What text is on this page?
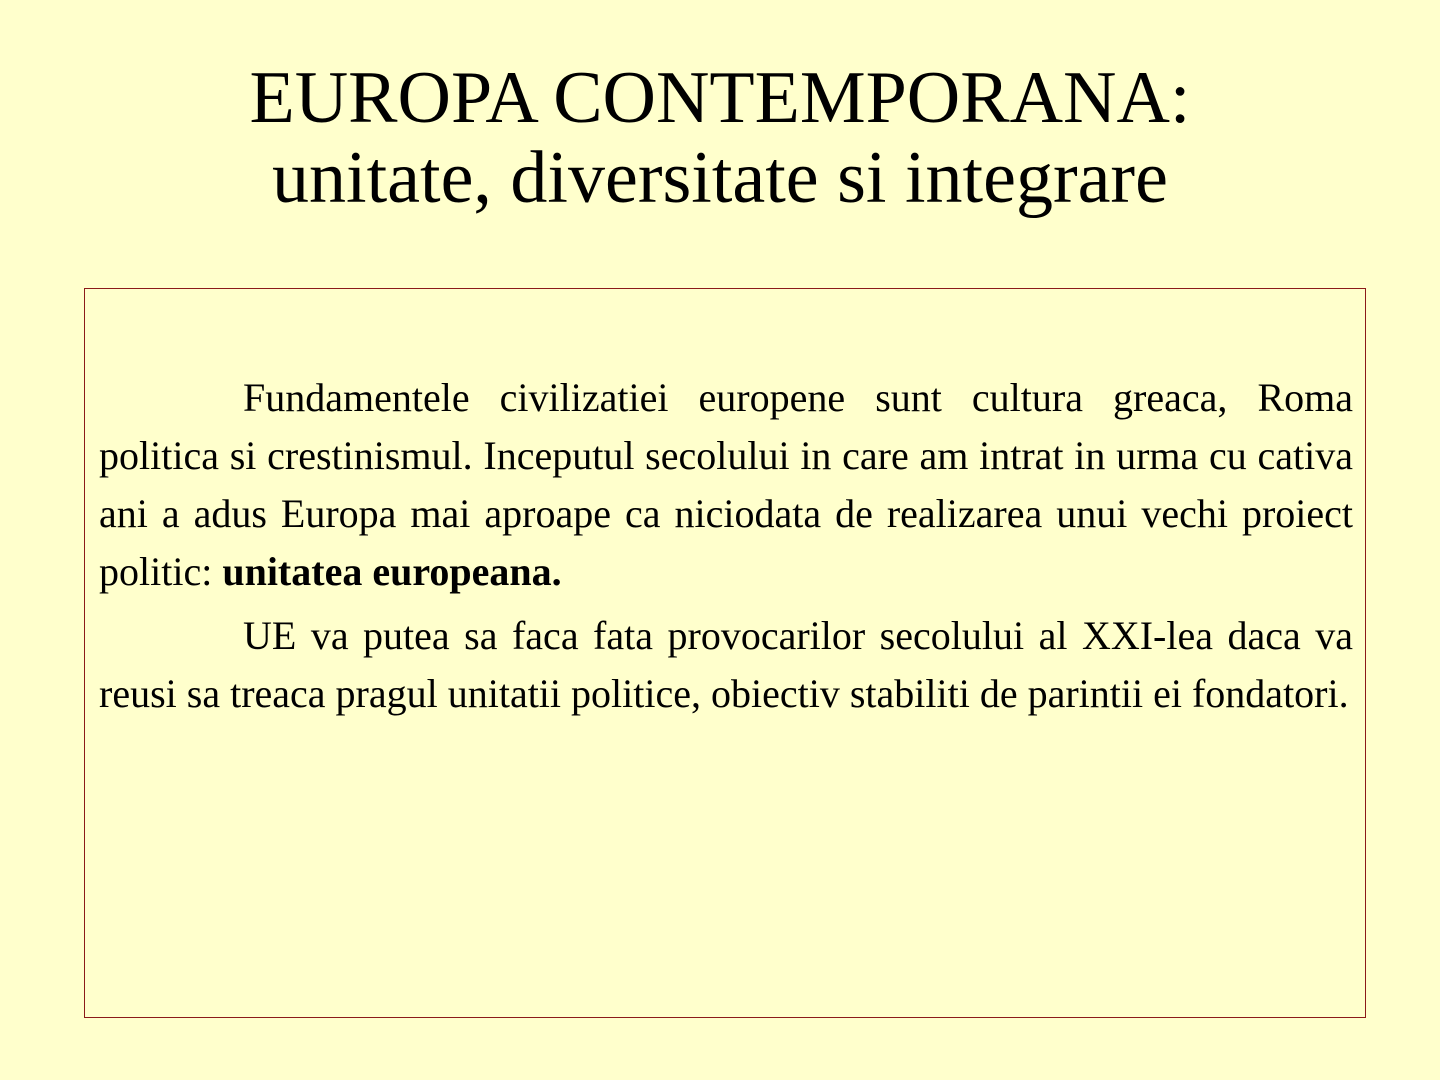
EUROPA CONTEMPORANA:
unitate, diversitate si integrare

Fundamentele civilizatiei europene sunt cultura greaca, Roma politica si crestinismul. Inceputul secolului in care am intrat in urma cu cativa ani a adus Europa mai aproape ca niciodata de realizarea unui vechi proiect politic: unitatea europeana.

UE va putea sa faca fata provocarilor secolului al XXI-lea daca va reusi sa treaca pragul unitatii politice, obiectiv stabiliti de parintii ei fondatori.
